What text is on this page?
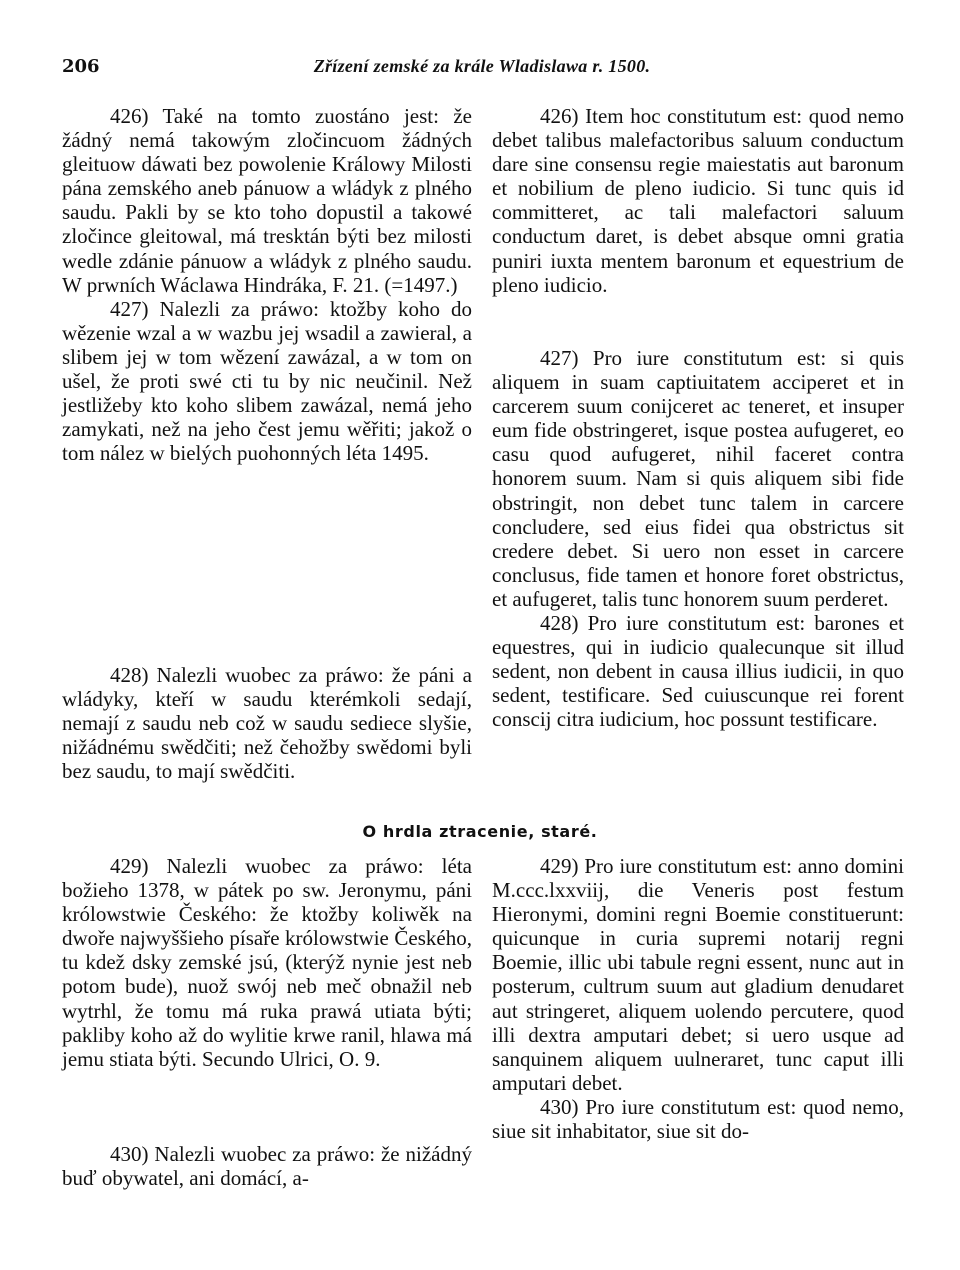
206	Zřízení zemské za krále Wladislawa r. 1500.

426) Také na tomto zuostáno jest: že žádný nemá takowým zločincuom žádných gleituow dáwati bez powolenie Králowy Milosti pána zemského aneb pánuow a wládyk z plného saudu. Pakli by se kto toho dopustil a takowé zločince gleitowal, má tresktán býti bez milosti wedle zdánie pánuow a wládyk z plného saudu. W prwních Wáclawa Hindráka, F. 21. (=1497.)

427) Nalezli za práwo: ktožby koho do wězenie wzal a w wazbu jej wsadil a zawieral, a slibem jej w tom wězení zawázal, a w tom on ušel, že proti swé cti tu by nic neučinil. Než jestližeby kto koho slibem zawázal, nemá jeho zamykati, než na jeho čest jemu wěřiti; jakož o tom nález w bielých puohonných léta 1495.

428) Nalezli wuobec za práwo: že páni a wládyky, kteří w saudu kterémkoli sedají, nemají z saudu neb což w saudu sediece slyšie, nižádnému swědčiti; než čehožby swědomi byli bez saudu, to mají swědčiti.

429) Nalezli wuobec za práwo: léta božieho 1378, w pátek po sw. Jeronymu, páni królowstwie Českého: že ktožby koliwěk na dwoře najwyššieho písaře królowstwie Českého, tu kdež dsky zemské jsú, (kterýž nynie jest neb potom bude), nuož swój neb meč obnažil neb wytrhl, že tomu má ruka prawá utiata býti; pakliby koho až do wylitie krwe ranil, hlawa má jemu stiata býti. Secundo Ulrici, O. 9.

430) Nalezli wuobec za práwo: že nižádný buď obywatel, ani domácí, a-

426) Item hoc constitutum est: quod nemo debet talibus malefactoribus saluum conductum dare sine consensu regie maiestatis aut baronum et nobilium de pleno iudicio. Si tunc quis id committeret, ac tali malefactori saluum conductum daret, is debet absque omni gratia puniri iuxta mentem baronum et equestrium de pleno iudicio.

427) Pro iure constitutum est: si quis aliquem in suam captiuitatem acciperet et in carcerem suum conijceret ac teneret, et insuper eum fide obstringeret, isque postea aufugeret, eo casu quod aufugeret, nihil faceret contra honorem suum. Nam si quis aliquem sibi fide obstringit, non debet tunc talem in carcere concludere, sed eius fidei qua obstrictus sit credere debet. Si uero non esset in carcere conclusus, fide tamen et honore foret obstrictus, et aufugeret, talis tunc honorem suum perderet.

428) Pro iure constitutum est: barones et equestres, qui in iudicio qualecunque sit illud sedent, non debent in causa illius iudicii, in quo sedent, testificare. Sed cuiuscunque rei forent conscij citra iudicium, hoc possunt testificare.

429) Pro iure constitutum est: anno domini M.ccc.lxxviij, die Veneris post festum Hieronymi, domini regni Boemie constituerunt: quicunque in curia supremi notarij regni Boemie, illic ubi tabule regni essent, nunc aut in posterum, cultrum suum aut gladium denudaret aut stringeret, aliquem uolendo percutere, quod illi dextra amputari debet; si uero usque ad sanquinem aliquem uulneraret, tunc caput illi amputari debet.

430) Pro iure constitutum est: quod nemo, siue sit inhabitator, siue sit do-

O hrdla ztracenie, staré.
